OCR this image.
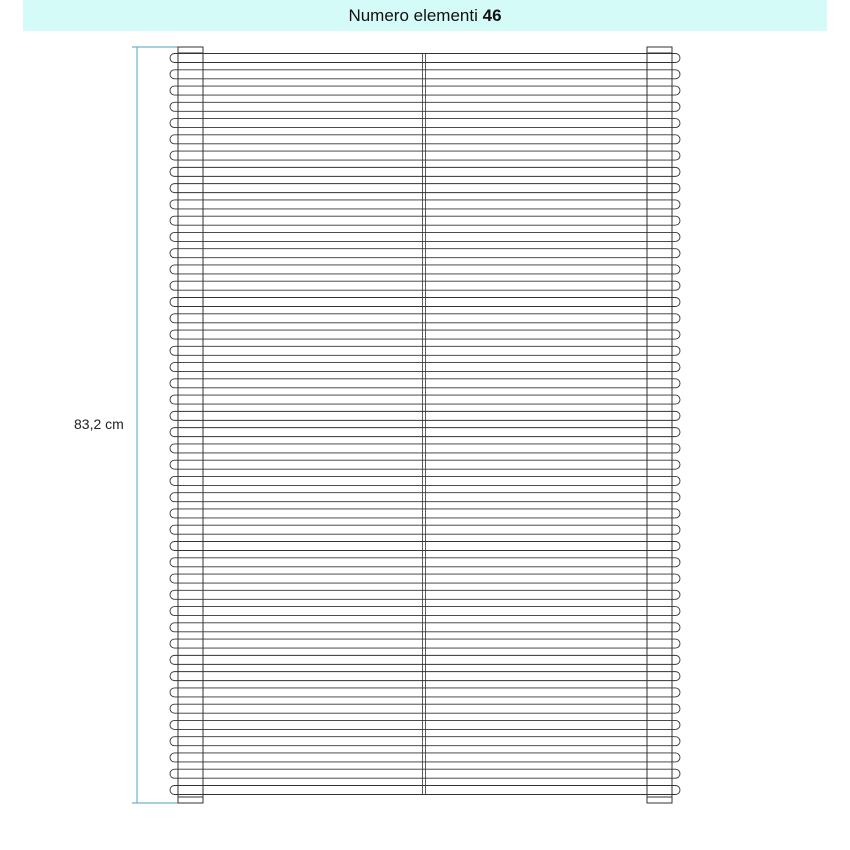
Numero elementi 46
83,2 cm
